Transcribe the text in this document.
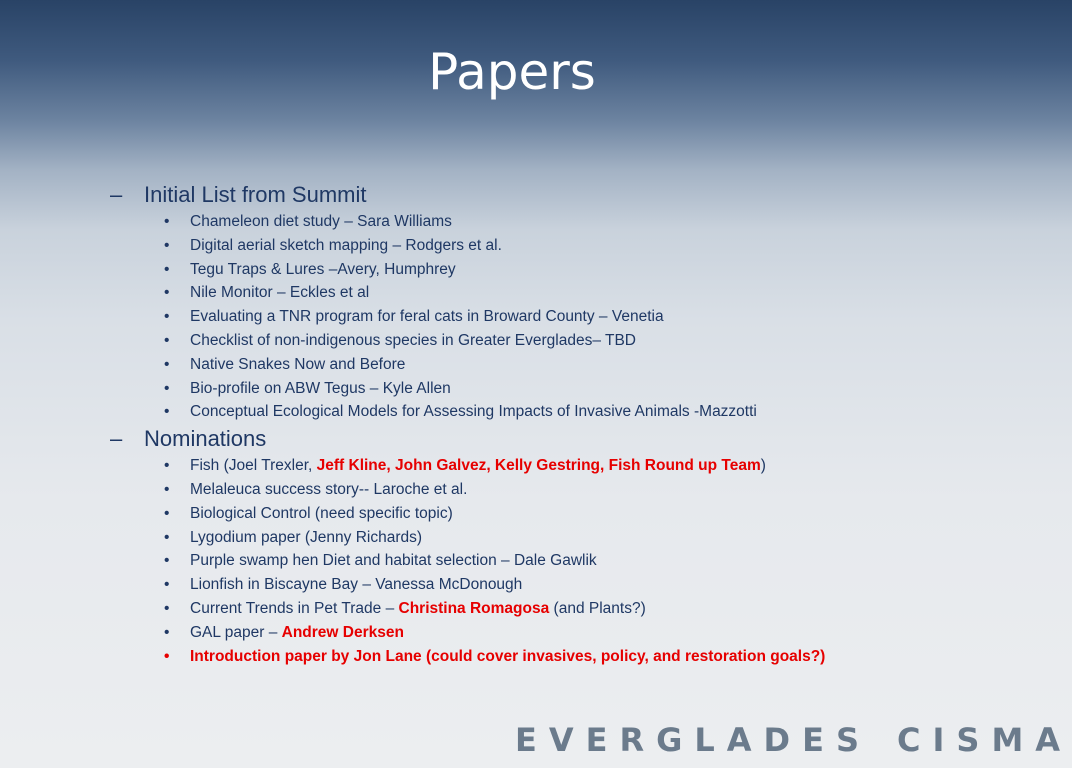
Papers
– Initial List from Summit
•	Chameleon diet study – Sara Williams
•	Digital aerial sketch mapping – Rodgers et al.
•	Tegu Traps & Lures –Avery, Humphrey
•	Nile Monitor – Eckles et al
•	Evaluating a TNR program for feral cats in Broward County – Venetia
•	Checklist of non-indigenous species in Greater Everglades– TBD
•	Native Snakes Now and Before
•	Bio-profile on ABW Tegus – Kyle Allen
•	Conceptual Ecological Models for Assessing Impacts of Invasive Animals -Mazzotti
– Nominations
•	Fish (Joel Trexler, Jeff Kline, John Galvez, Kelly Gestring, Fish Round up Team)
•	Melaleuca success story-- Laroche et al.
•	Biological Control (need specific topic)
•	Lygodium paper (Jenny Richards)
•	Purple swamp hen Diet and habitat selection – Dale Gawlik
•	Lionfish in Biscayne Bay – Vanessa McDonough
•	Current Trends in Pet Trade – Christina Romagosa (and Plants?)
•	GAL paper – Andrew Derksen
•	Introduction paper by Jon Lane (could cover invasives, policy, and restoration goals?)
EVERGLADES CISMA
